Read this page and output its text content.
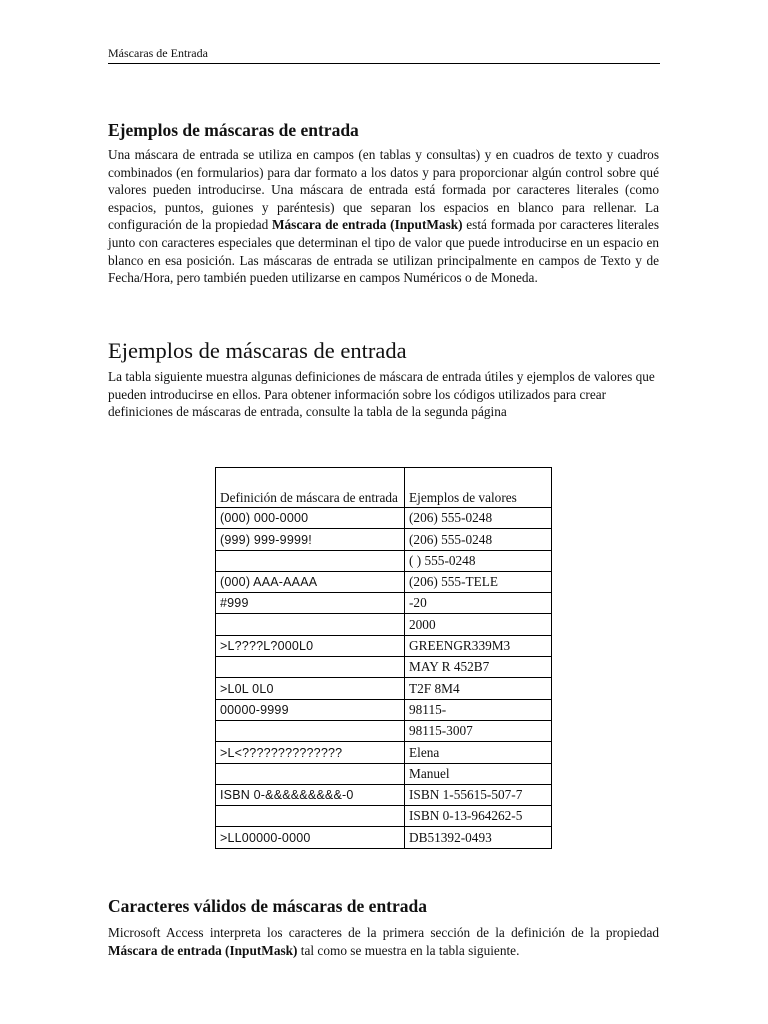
Máscaras de Entrada
Ejemplos de máscaras de entrada

Una máscara de entrada se utiliza en campos (en tablas y consultas) y en cuadros de texto y cuadros combinados (en formularios) para dar formato a los datos y para proporcionar algún control sobre qué valores pueden introducirse. Una máscara de entrada está formada por caracteres literales (como espacios, puntos, guiones y paréntesis) que separan los espacios en blanco para rellenar. La configuración de la propiedad Máscara de entrada (InputMask) está formada por caracteres literales junto con caracteres especiales que determinan el tipo de valor que puede introducirse en un espacio en blanco en esa posición. Las máscaras de entrada se utilizan principalmente en campos de Texto y de Fecha/Hora, pero también pueden utilizarse en campos Numéricos o de Moneda.

Ejemplos de máscaras de entrada

La tabla siguiente muestra algunas definiciones de máscara de entrada útiles y ejemplos de valores que pueden introducirse en ellos. Para obtener información sobre los códigos utilizados para crear definiciones de máscaras de entrada, consulte la tabla de la segunda página

Definición de máscara de entrada	Ejemplos de valores
(000) 000-0000	(206) 555-0248
(999) 999-9999!	(206) 555-0248
	( ) 555-0248
(000) AAA-AAAA	(206) 555-TELE
#999	-20
	2000
>L????L?000L0	GREENGR339M3
	MAY R 452B7
>L0L 0L0	T2F 8M4
00000-9999	98115-
	98115-3007
>L<??????????????	Elena
	Manuel
ISBN 0-&&&&&&&&&-0	ISBN 1-55615-507-7
	ISBN 0-13-964262-5
>LL00000-0000	DB51392-0493
Caracteres válidos de máscaras de entrada

Microsoft Access interpreta los caracteres de la primera sección de la definición de la propiedad Máscara de entrada (InputMask) tal como se muestra en la tabla siguiente.
